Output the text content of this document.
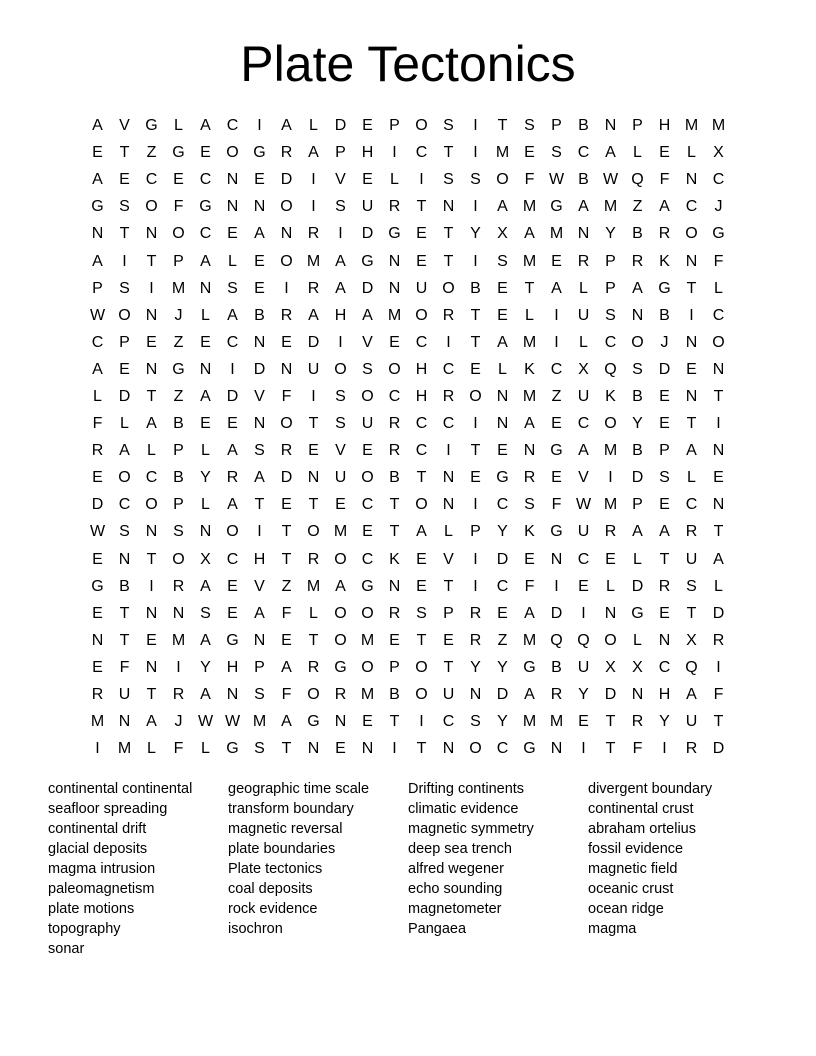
Plate Tectonics
A	V G	L	A C	I	A	L	D E	P O S	I	T	S	P	B N P H M M
E	T	Z G E O G R A	P H	I	C	T	I	M E	S C A	L	E	L	X
A	E C E C N E D	I	V	E	L	I	S	S O F W B W Q F	N C
G S O F G N N O	I	S U R	T	N	I	A M G A M Z	A C	J
N	T	N O C E	A N R	I	D G E	T	Y	X	A M N Y	B R O G
A	I	T	P	A	L	E O M A G N E	T	I	S M E R P R K N	F
P	S	I	M N S	E	I	R A D N U O B	E	T	A	L	P	A G T	L
W O N	J	L	A	B R A H A M O R	T	E	L	I	U S N B	I	C
C P	E	Z	E C N E D	I	V	E C	I	T	A M	I	L	C O	J	N O
A	E N G N	I	D N U O S O H C E	L	K C X Q S D E N
L	D	T	Z	A D V	F	I	S O C H R O N M Z	U K	B	E N	T
F	L	A	B	E	E N O T	S U R C C	I	N A	E C O Y	E	T	I
R A	L	P	L	A	S R E	V	E R C	I	T	E N G A M B	P	A N
E O C B	Y R A D N U O B	T	N E G R E	V	I	D S	L	E
D C O P	L	A	T	E	T	E C	T O N	I	C S	F W M P	E C N
W S N S N O	I	T O M E	T	A	L	P	Y	K G U R A	A R	T
E N	T O X C H	T	R O C K	E	V	I	D E N C E	L	T	U A
G B	I	R A	E	V	Z M A G N E	T	I	C	F	I	E	L	D R S	L
E	T	N N S	E	A	F	L	O O R S	P R E	A D	I	N G E	T	D
N	T	E M A G N E	T O M E	T	E R	Z M Q Q O	L	N X R
E	F	N	I	Y H P	A R G O P O T	Y	Y G B U X	X C Q	I
R U	T	R A N S	F O R M B O U N D A R Y D N H A	F
M N A	J W W M A G N E	T	I	C S	Y M M E	T	R Y U	T
I	M L	F	L	G S	T	N E N	I	T	N O C G N	I	T	F	I	R D
continental continental
seafloor spreading
continental drift
glacial deposits
magma intrusion
paleomagnetism
plate motions
topography
sonar
geographic time scale
transform boundary
magnetic reversal
plate boundaries
Plate tectonics
coal deposits
rock evidence
isochron
Drifting continents
climatic evidence
magnetic symmetry
deep sea trench
alfred wegener
echo sounding
magnetometer
Pangaea
divergent boundary
continental crust
abraham ortelius
fossil evidence
magnetic field
oceanic crust
ocean ridge
magma
